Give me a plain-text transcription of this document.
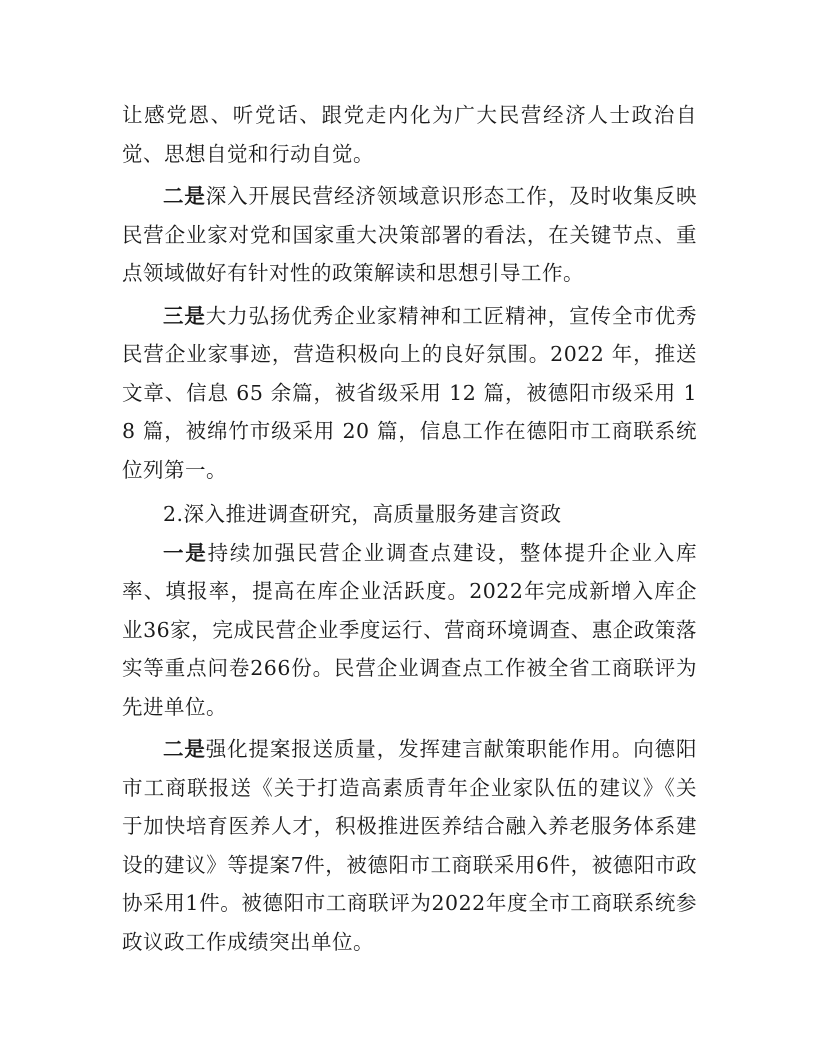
让感党恩、听党话、跟党走内化为广大民营经济人士政治自觉、思想自觉和行动自觉。

二是深入开展民营经济领域意识形态工作，及时收集反映民营企业家对党和国家重大决策部署的看法，在关键节点、重点领域做好有针对性的政策解读和思想引导工作。

三是大力弘扬优秀企业家精神和工匠精神，宣传全市优秀民营企业家事迹，营造积极向上的良好氛围。2022 年，推送文章、信息 65 余篇，被省级采用 12 篇，被德阳市级采用 18 篇，被绵竹市级采用 20 篇，信息工作在德阳市工商联系统位列第一。

2.深入推进调查研究，高质量服务建言资政

一是持续加强民营企业调查点建设，整体提升企业入库率、填报率，提高在库企业活跃度。2022年完成新增入库企业36家，完成民营企业季度运行、营商环境调查、惠企政策落实等重点问卷266份。民营企业调查点工作被全省工商联评为先进单位。

二是强化提案报送质量，发挥建言献策职能作用。向德阳市工商联报送《关于打造高素质青年企业家队伍的建议》《关于加快培育医养人才，积极推进医养结合融入养老服务体系建设的建议》等提案7件，被德阳市工商联采用6件，被德阳市政协采用1件。被德阳市工商联评为2022年度全市工商联系统参政议政工作成绩突出单位。
